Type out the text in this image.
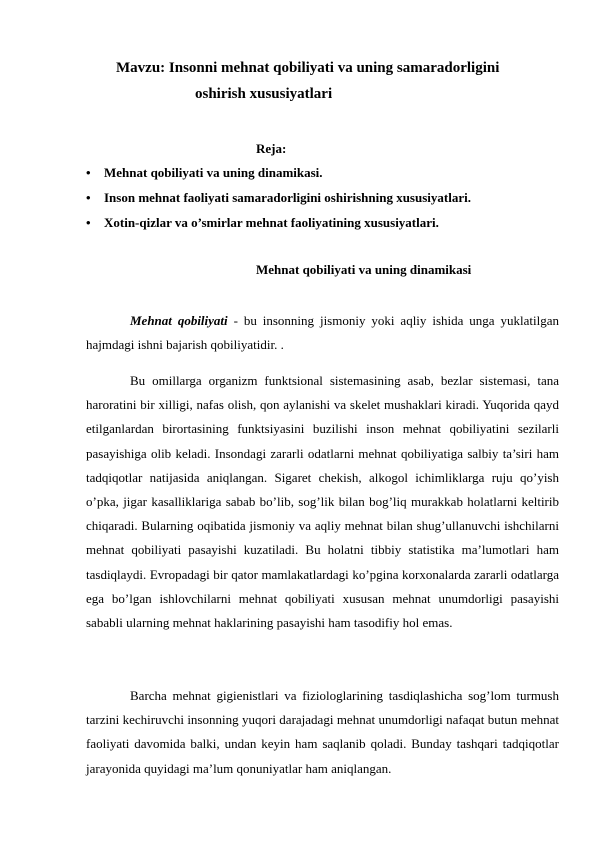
Mavzu: Insonni mehnat qobiliyati va uning samaradorligini
oshirish xususiyatlari
Reja:
•	Mehnat qobiliyati va uning dinamikasi.
•	Inson mehnat faoliyati samaradorligini oshirishning xususiyatlari.
•	Xotin-qizlar va o’smirlar mehnat faoliyatining xususiyatlari.
Mehnat qobiliyati va uning dinamikasi

Mehnat qobiliyati - bu insonning jismoniy yoki aqliy ishida unga yuklatilgan hajmdagi ishni bajarish qobiliyatidir. .

Bu omillarga organizm funktsional sistemasining asab, bezlar sistemasi, tana haroratini bir xilligi, nafas olish, qon aylanishi va skelet mushaklari kiradi. Yuqorida qayd etilganlardan birortasining funktsiyasini buzilishi inson mehnat qobiliyatini sezilarli pasayishiga olib keladi. Insondagi zararli odatlarni mehnat qobiliyatiga salbiy ta’siri ham tadqiqotlar natijasida aniqlangan. Sigaret chekish, alkogol ichimliklarga ruju qo’yish o’pka, jigar kasalliklariga sabab bo’lib, sog’lik bilan bog’liq murakkab holatlarni keltirib chiqaradi. Bularning oqibatida jismoniy va aqliy mehnat bilan shug’ullanuvchi ishchilarni mehnat qobiliyati pasayishi kuzatiladi. Bu holatni tibbiy statistika ma’lumotlari ham tasdiqlaydi. Evropadagi bir qator mamlakatlardagi ko’pgina korxonalarda zararli odatlarga ega bo’lgan ishlovchilarni mehnat qobiliyati xususan mehnat unumdorligi pasayishi sababli ularning mehnat haklarining pasayishi ham tasodifiy hol emas.

Barcha mehnat gigienistlari va fiziologlarining tasdiqlashicha sog’lom turmush tarzini kechiruvchi insonning yuqori darajadagi mehnat unumdorligi nafaqat butun mehnat faoliyati davomida balki, undan keyin ham saqlanib qoladi. Bunday tashqari tadqiqotlar jarayonida quyidagi ma’lum qonuniyatlar ham aniqlangan.
